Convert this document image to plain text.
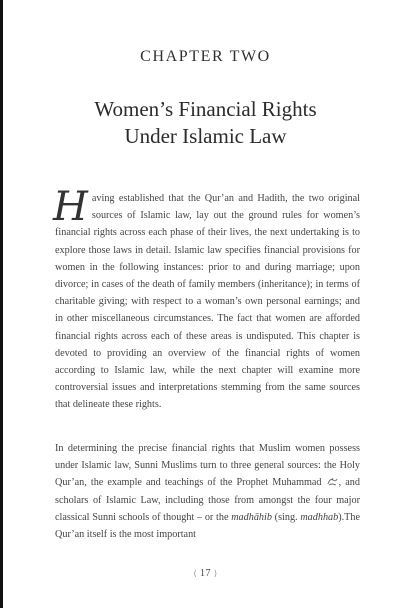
CHAPTER TWO
Women’s Financial Rights
Under Islamic Law

Having established that the Qur’an and Hadith, the two original sources of Islamic law, lay out the ground rules for women’s financial rights across each phase of their lives, the next undertaking is to explore those laws in detail. Islamic law specifies financial provisions for women in the following instances: prior to and during marriage; upon divorce; in cases of the death of family members (inheritance); in terms of charitable giving; with respect to a woman’s own personal earnings; and in other miscellaneous circumstances. The fact that women are afforded financial rights across each of these areas is undisputed. This chapter is devoted to providing an overview of the financial rights of women according to Islamic law, while the next chapter will examine more controversial issues and interpretations stemming from the same sources that delineate these rights.

In determining the precise financial rights that Muslim women possess under Islamic law, Sunni Muslims turn to three general sources: the Holy Qur’an, the example and teachings of the Prophet Muhammad , and scholars of Islamic Law, including those from amongst the four major classical Sunni schools of thought – or the madhāhib (sing. madhhab).The Qur’an itself is the most important

⟨ 17 ⟩
